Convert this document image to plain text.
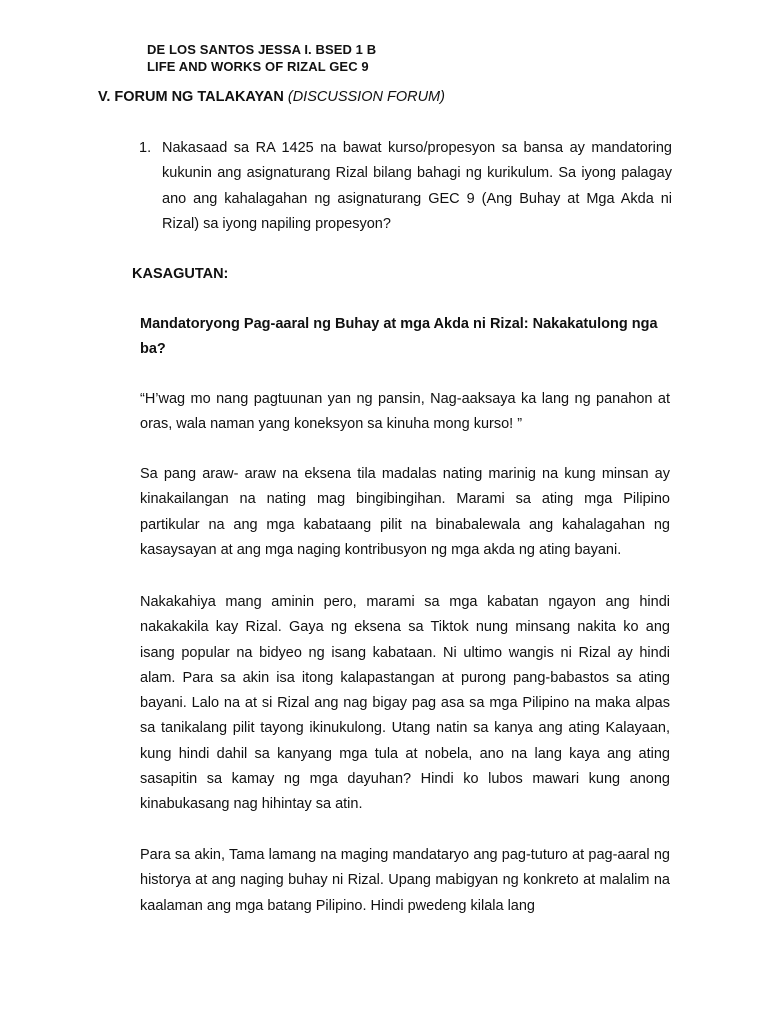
DE LOS SANTOS JESSA I. BSED 1 B
LIFE AND WORKS OF RIZAL GEC 9
V. FORUM NG TALAKAYAN (DISCUSSION FORUM)
1. Nakasaad sa RA 1425 na bawat kurso/propesyon sa bansa ay mandatoring kukunin ang asignaturang Rizal bilang bahagi ng kurikulum. Sa iyong palagay ano ang kahalagahan ng asignaturang GEC 9 (Ang Buhay at Mga Akda ni Rizal) sa iyong napiling propesyon?
KASAGUTAN:

Mandatoryong Pag-aaral ng Buhay at mga Akda ni Rizal: Nakakatulong nga ba?

“H’wag mo nang pagtuunan yan ng pansin, Nag-aaksaya ka lang ng panahon at oras, wala naman yang koneksyon sa kinuha mong kurso! ”

Sa pang araw- araw na eksena tila madalas nating marinig na kung minsan ay kinakailangan na nating mag bingibingihan. Marami sa ating mga Pilipino partikular na ang mga kabataang pilit na binabalewala ang kahalagahan ng kasaysayan at ang mga naging kontribusyon ng mga akda ng ating bayani.

Nakakahiya mang aminin pero, marami sa mga kabatan ngayon ang hindi nakakakila kay Rizal. Gaya ng eksena sa Tiktok nung minsang nakita ko ang isang popular na bidyeo ng isang kabataan. Ni ultimo wangis ni Rizal ay hindi alam. Para sa akin isa itong kalapastangan at purong pang-babastos sa ating bayani. Lalo na at si Rizal ang nag bigay pag asa sa mga Pilipino na maka alpas sa tanikalang pilit tayong ikinukulong. Utang natin sa kanya ang ating Kalayaan, kung hindi dahil sa kanyang mga tula at nobela, ano na lang kaya ang ating sasapitin sa kamay ng mga dayuhan? Hindi ko lubos mawari kung anong kinabukasang nag hihintay sa atin.

Para sa akin, Tama lamang na maging mandataryo ang pag-tuturo at pag-aaral ng historya at ang naging buhay ni Rizal. Upang mabigyan ng konkreto at malalim na kaalaman ang mga batang Pilipino. Hindi pwedeng kilala lang
